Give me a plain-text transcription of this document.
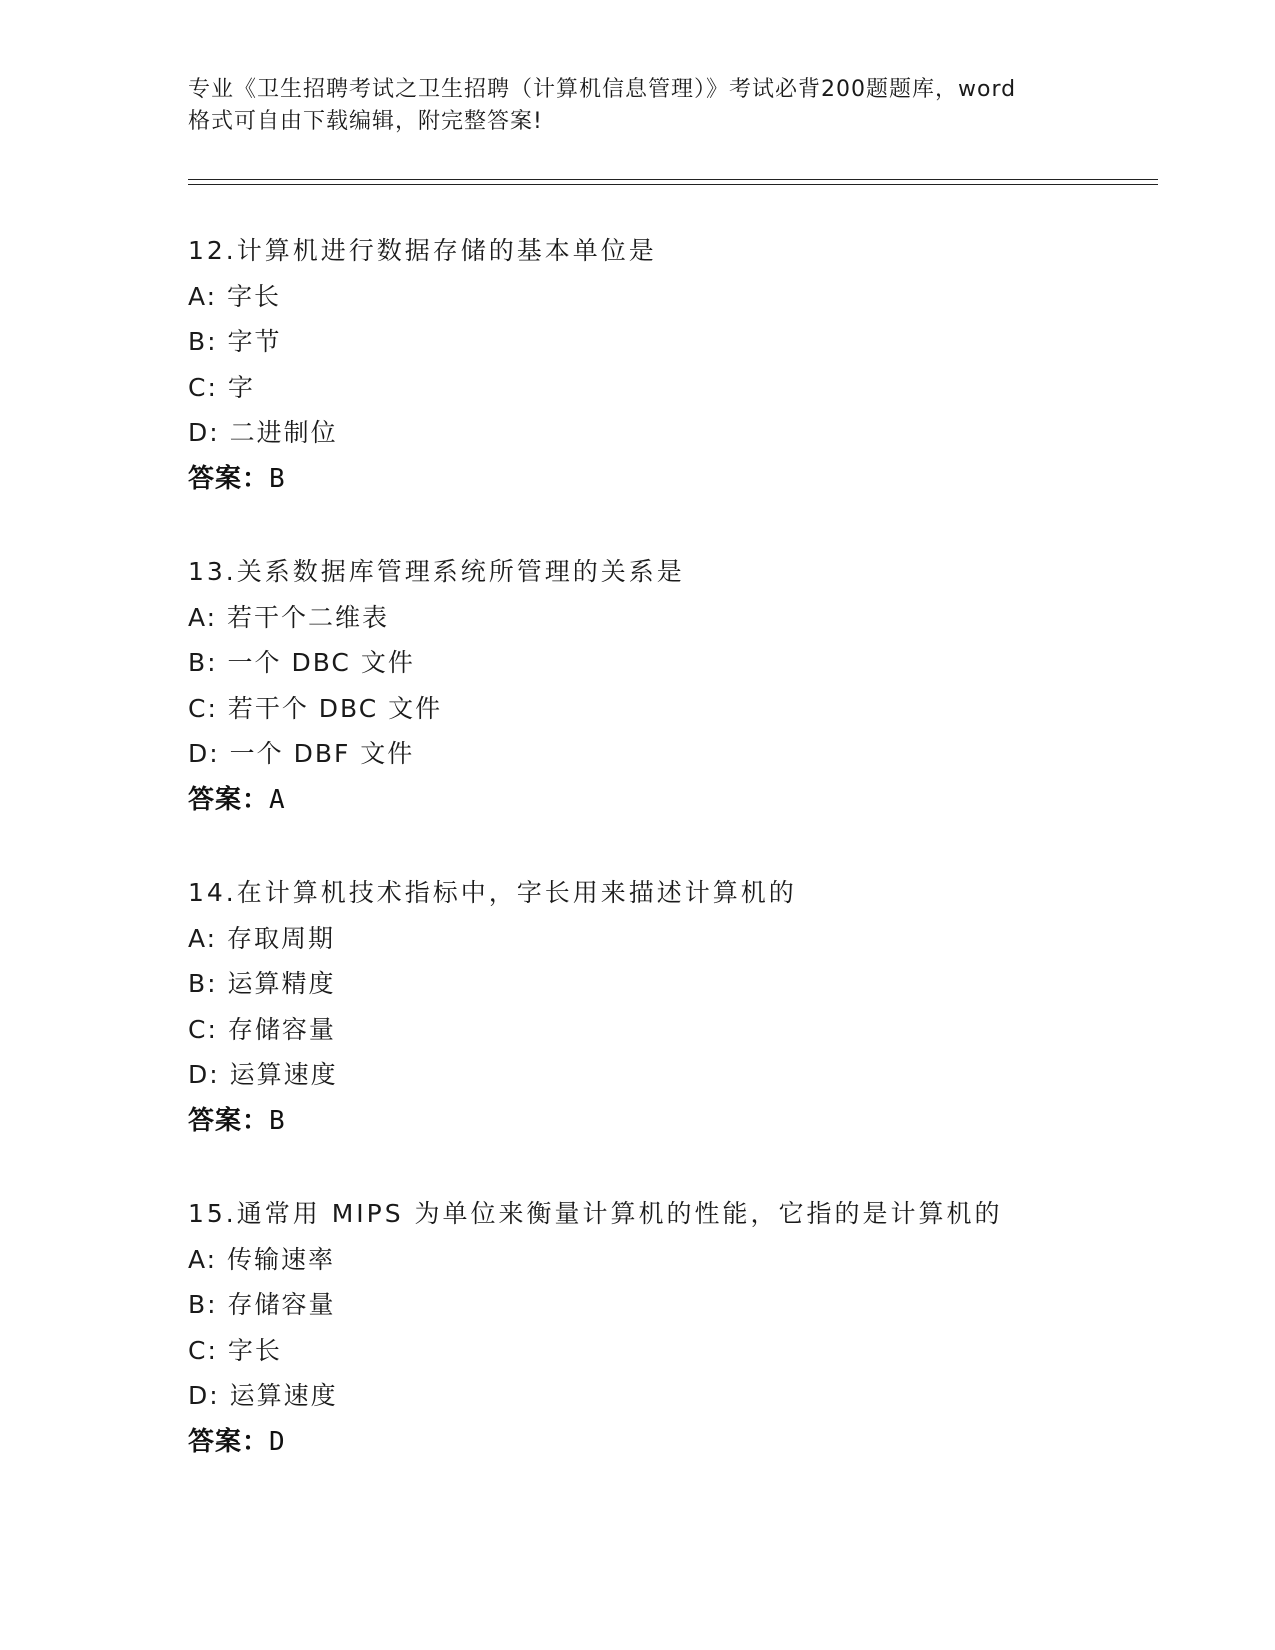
专业《卫生招聘考试之卫生招聘（计算机信息管理）》考试必背200题题库，word
格式可自由下载编辑，附完整答案!
12.计算机进行数据存储的基本单位是
A: 字长
B: 字节
C: 字
D: 二进制位
答案：B
13.关系数据库管理系统所管理的关系是
A: 若干个二维表
B: 一个 DBC 文件
C: 若干个 DBC 文件
D: 一个 DBF 文件
答案：A
14.在计算机技术指标中，字长用来描述计算机的
A: 存取周期
B: 运算精度
C: 存储容量
D: 运算速度
答案：B
15.通常用 MIPS 为单位来衡量计算机的性能，它指的是计算机的
A: 传输速率
B: 存储容量
C: 字长
D: 运算速度
答案：D
